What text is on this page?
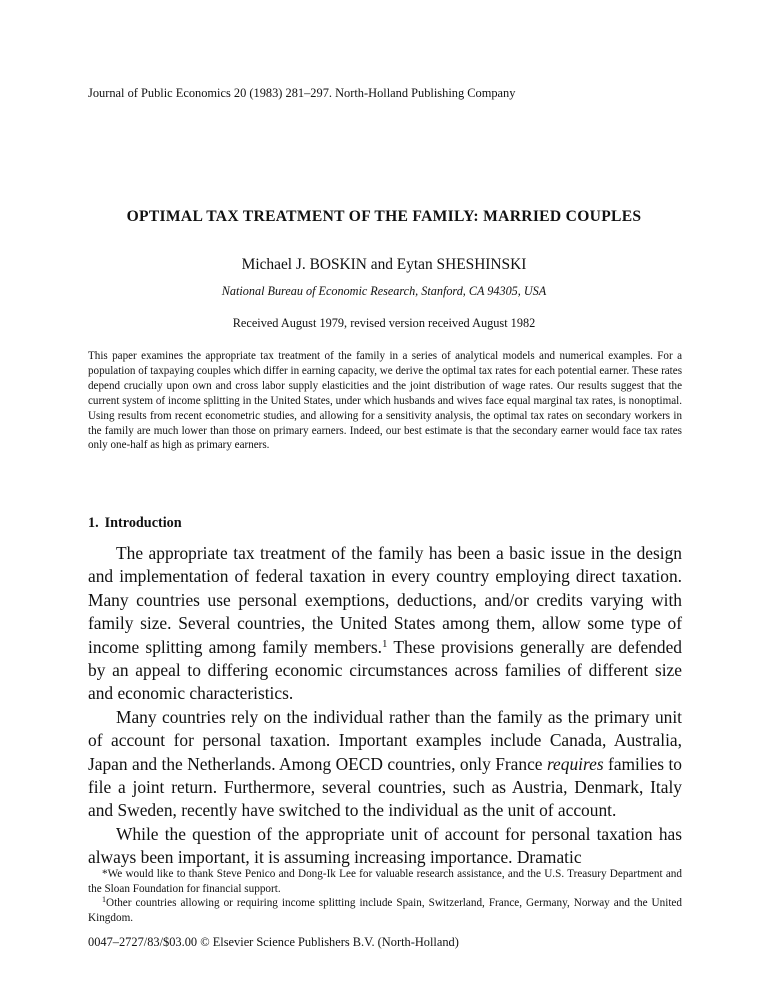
Journal of Public Economics 20 (1983) 281–297. North-Holland Publishing Company
OPTIMAL TAX TREATMENT OF THE FAMILY: MARRIED COUPLES
Michael J. BOSKIN and Eytan SHESHINSKI
National Bureau of Economic Research, Stanford, CA 94305, USA
Received August 1979, revised version received August 1982
This paper examines the appropriate tax treatment of the family in a series of analytical models and numerical examples. For a population of taxpaying couples which differ in earning capacity, we derive the optimal tax rates for each potential earner. These rates depend crucially upon own and cross labor supply elasticities and the joint distribution of wage rates. Our results suggest that the current system of income splitting in the United States, under which husbands and wives face equal marginal tax rates, is nonoptimal. Using results from recent econometric studies, and allowing for a sensitivity analysis, the optimal tax rates on secondary workers in the family are much lower than those on primary earners. Indeed, our best estimate is that the secondary earner would face tax rates only one-half as high as primary earners.
1. Introduction

The appropriate tax treatment of the family has been a basic issue in the design and implementation of federal taxation in every country employing direct taxation. Many countries use personal exemptions, deductions, and/or credits varying with family size. Several countries, the United States among them, allow some type of income splitting among family members.$^1$ These provisions generally are defended by an appeal to differing economic circumstances across families of different size and economic characteristics.

Many countries rely on the individual rather than the family as the primary unit of account for personal taxation. Important examples include Canada, Australia, Japan and the Netherlands. Among OECD countries, only France requires families to file a joint return. Furthermore, several countries, such as Austria, Denmark, Italy and Sweden, recently have switched to the individual as the unit of account.

While the question of the appropriate unit of account for personal taxation has always been important, it is assuming increasing importance. Dramatic

*We would like to thank Steve Penico and Dong-Ik Lee for valuable research assistance, and the U.S. Treasury Department and the Sloan Foundation for financial support.

$^1$Other countries allowing or requiring income splitting include Spain, Switzerland, France, Germany, Norway and the United Kingdom.

0047–2727/83/$03.00 © Elsevier Science Publishers B.V. (North-Holland)
